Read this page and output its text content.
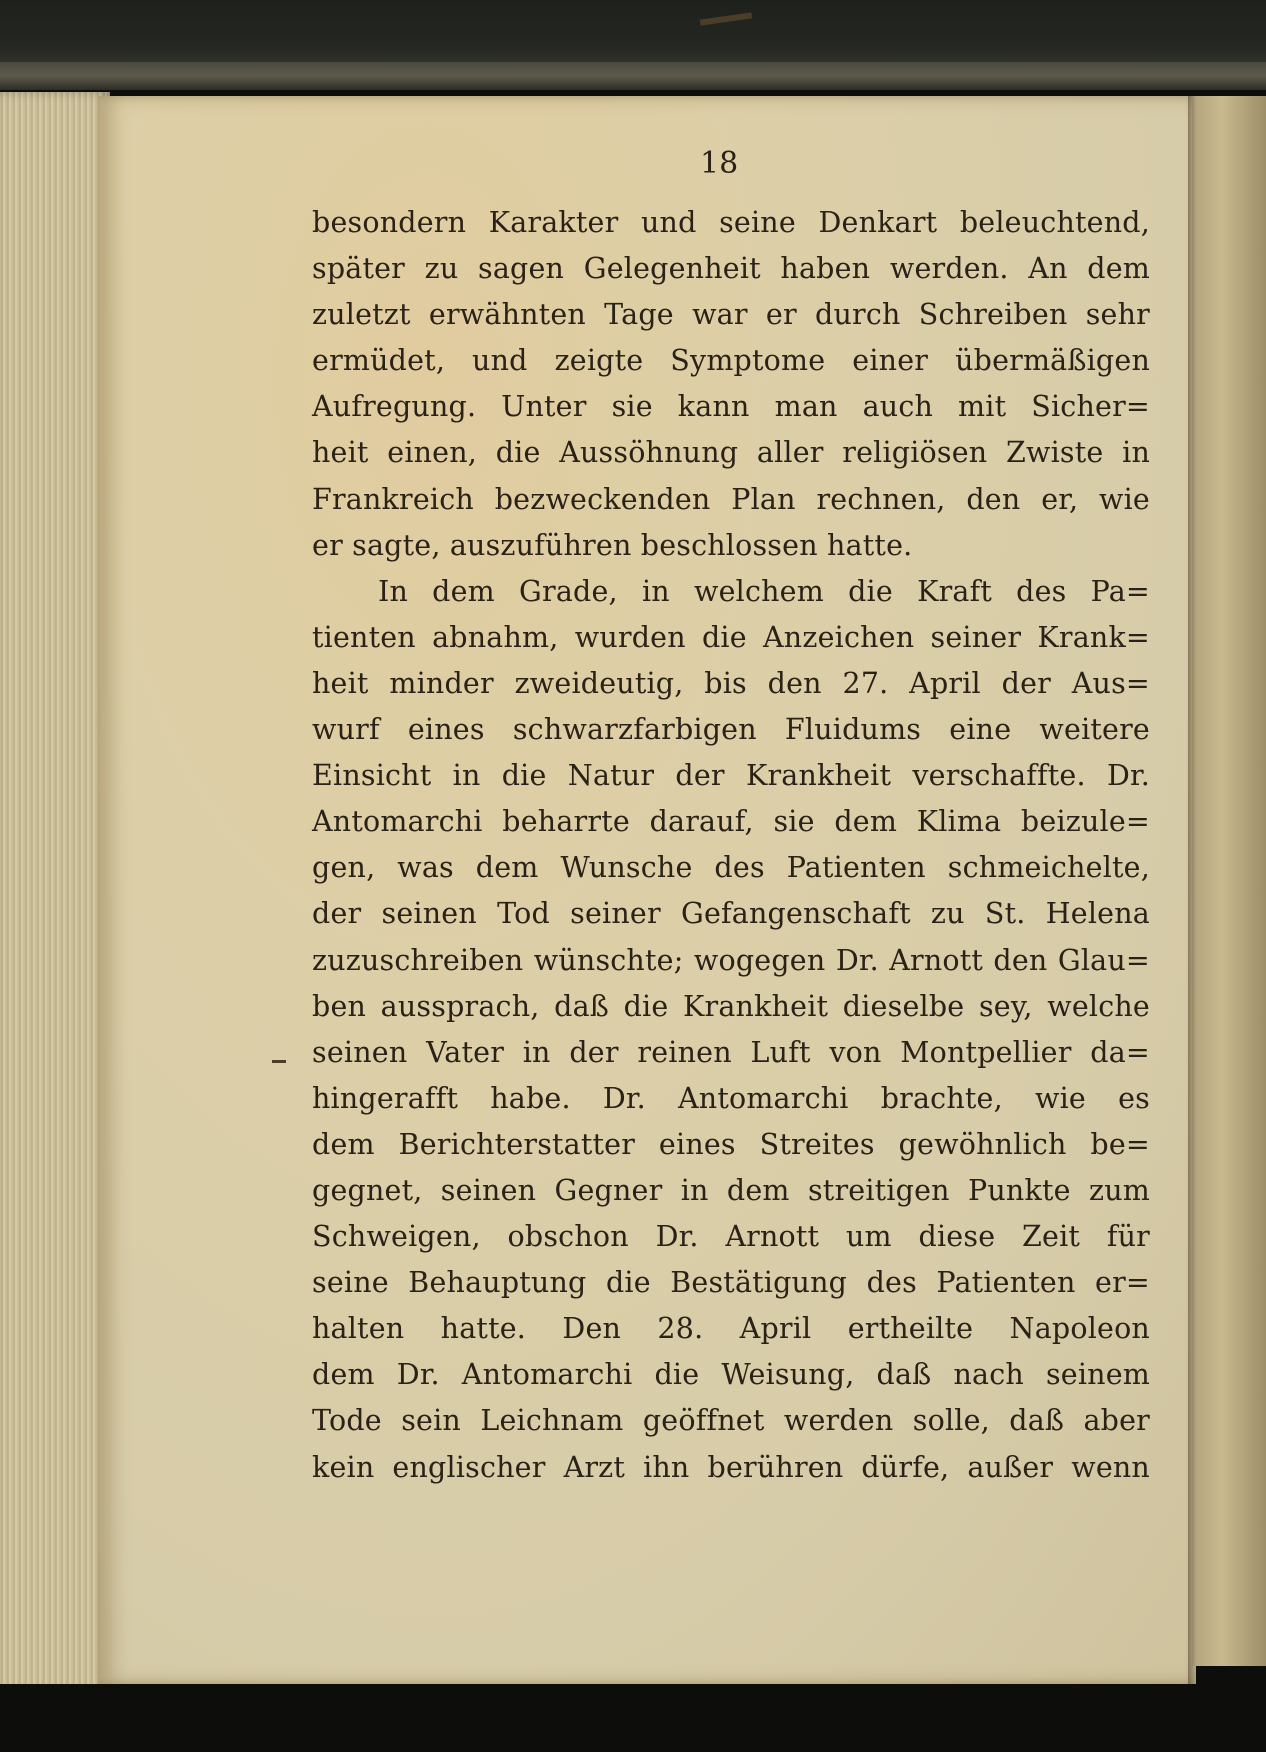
18
besondern Karakter und seine Denkart beleuchtend,
später zu sagen Gelegenheit haben werden. An dem
zuletzt erwähnten Tage war er durch Schreiben sehr
ermüdet, und zeigte Symptome einer übermäßigen
Aufregung. Unter sie kann man auch mit Sicher=
heit einen, die Aussöhnung aller religiösen Zwiste in
Frankreich bezweckenden Plan rechnen, den er, wie
er sagte, auszuführen beschlossen hatte.
In dem Grade, in welchem die Kraft des Pa=
tienten abnahm, wurden die Anzeichen seiner Krank=
heit minder zweideutig, bis den 27. April der Aus=
wurf eines schwarzfarbigen Fluidums eine weitere
Einsicht in die Natur der Krankheit verschaffte. Dr.
Antomarchi beharrte darauf, sie dem Klima beizule=
gen, was dem Wunsche des Patienten schmeichelte,
der seinen Tod seiner Gefangenschaft zu St. Helena
zuzuschreiben wünschte; wogegen Dr. Arnott den Glau=
ben aussprach, daß die Krankheit dieselbe sey, welche
seinen Vater in der reinen Luft von Montpellier da=
hingerafft habe. Dr. Antomarchi brachte, wie es
dem Berichterstatter eines Streites gewöhnlich be=
gegnet, seinen Gegner in dem streitigen Punkte zum
Schweigen, obschon Dr. Arnott um diese Zeit für
seine Behauptung die Bestätigung des Patienten er=
halten hatte. Den 28. April ertheilte Napoleon
dem Dr. Antomarchi die Weisung, daß nach seinem
Tode sein Leichnam geöffnet werden solle, daß aber
kein englischer Arzt ihn berühren dürfe, außer wenn
